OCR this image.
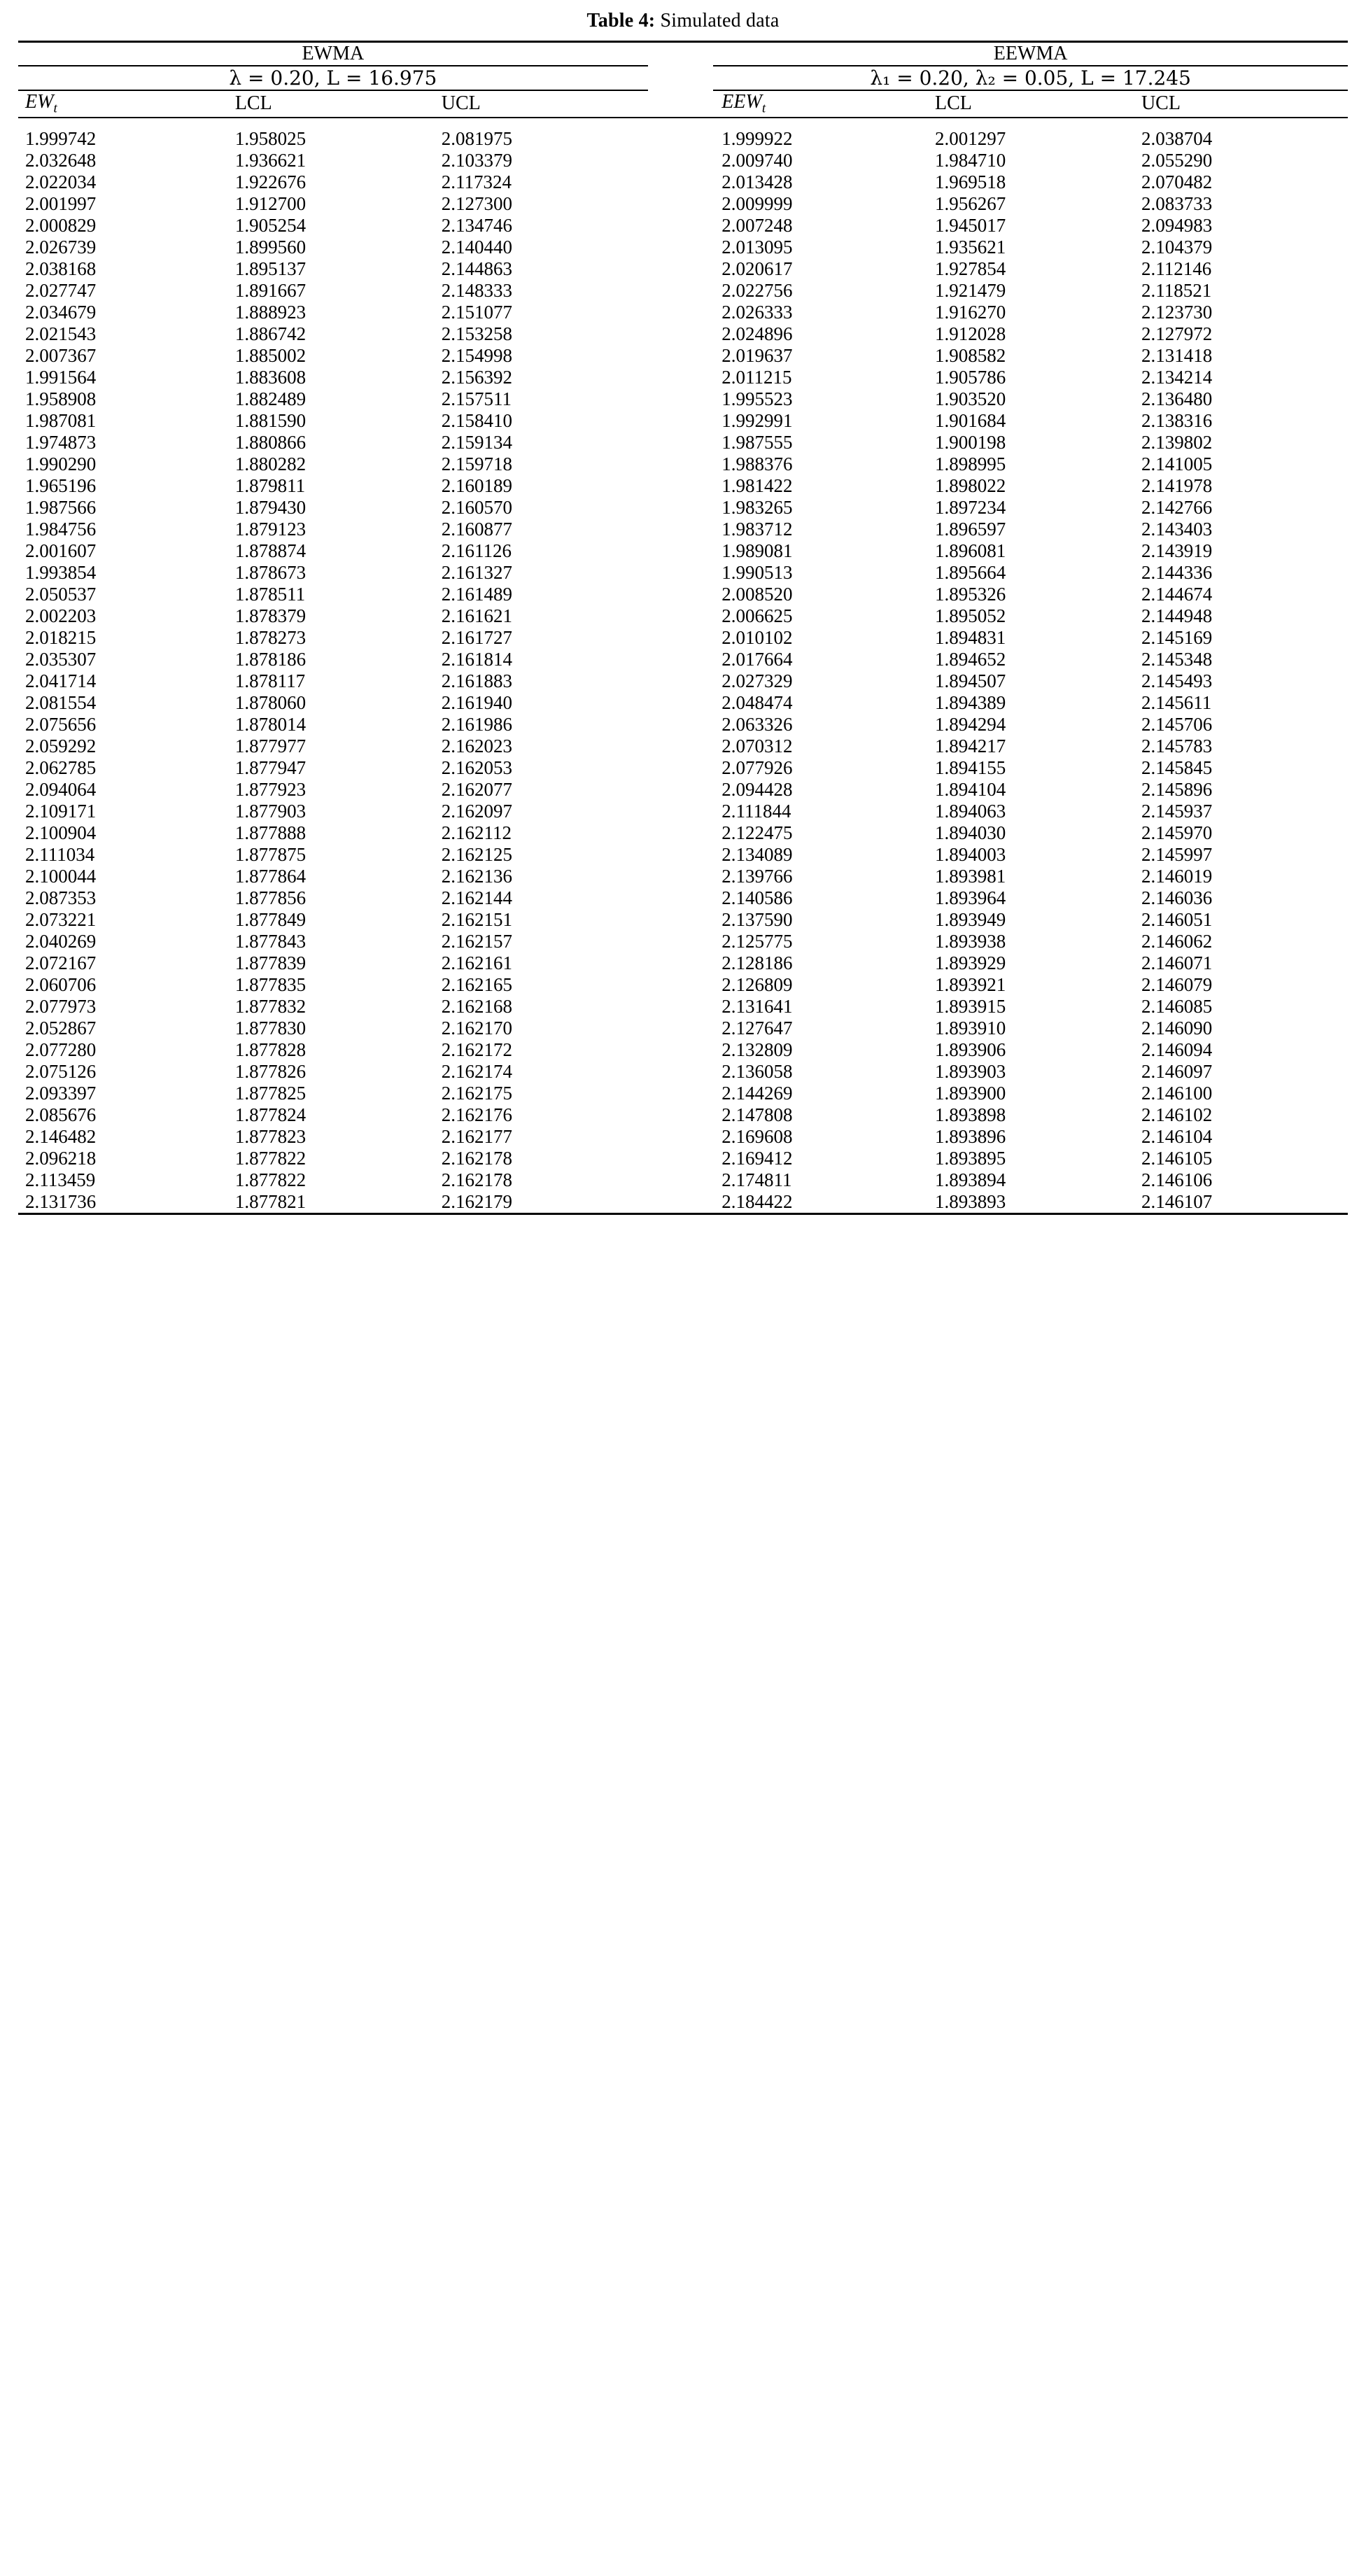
Table 4: Simulated data
EWMA				EEWMA		
λ = 0.20, L = 16.975				λ₁ = 0.20, λ₂ = 0.05, L = 17.245		
$EW_t$	LCL	UCL		$EEW_t$	LCL	UCL
1.999742	1.958025	2.081975		1.999922	2.001297	2.038704
2.032648	1.936621	2.103379		2.009740	1.984710	2.055290
2.022034	1.922676	2.117324		2.013428	1.969518	2.070482
2.001997	1.912700	2.127300		2.009999	1.956267	2.083733
2.000829	1.905254	2.134746		2.007248	1.945017	2.094983
2.026739	1.899560	2.140440		2.013095	1.935621	2.104379
2.038168	1.895137	2.144863		2.020617	1.927854	2.112146
2.027747	1.891667	2.148333		2.022756	1.921479	2.118521
2.034679	1.888923	2.151077		2.026333	1.916270	2.123730
2.021543	1.886742	2.153258		2.024896	1.912028	2.127972
2.007367	1.885002	2.154998		2.019637	1.908582	2.131418
1.991564	1.883608	2.156392		2.011215	1.905786	2.134214
1.958908	1.882489	2.157511		1.995523	1.903520	2.136480
1.987081	1.881590	2.158410		1.992991	1.901684	2.138316
1.974873	1.880866	2.159134		1.987555	1.900198	2.139802
1.990290	1.880282	2.159718		1.988376	1.898995	2.141005
1.965196	1.879811	2.160189		1.981422	1.898022	2.141978
1.987566	1.879430	2.160570		1.983265	1.897234	2.142766
1.984756	1.879123	2.160877		1.983712	1.896597	2.143403
2.001607	1.878874	2.161126		1.989081	1.896081	2.143919
1.993854	1.878673	2.161327		1.990513	1.895664	2.144336
2.050537	1.878511	2.161489		2.008520	1.895326	2.144674
2.002203	1.878379	2.161621		2.006625	1.895052	2.144948
2.018215	1.878273	2.161727		2.010102	1.894831	2.145169
2.035307	1.878186	2.161814		2.017664	1.894652	2.145348
2.041714	1.878117	2.161883		2.027329	1.894507	2.145493
2.081554	1.878060	2.161940		2.048474	1.894389	2.145611
2.075656	1.878014	2.161986		2.063326	1.894294	2.145706
2.059292	1.877977	2.162023		2.070312	1.894217	2.145783
2.062785	1.877947	2.162053		2.077926	1.894155	2.145845
2.094064	1.877923	2.162077		2.094428	1.894104	2.145896
2.109171	1.877903	2.162097		2.111844	1.894063	2.145937
2.100904	1.877888	2.162112		2.122475	1.894030	2.145970
2.111034	1.877875	2.162125		2.134089	1.894003	2.145997
2.100044	1.877864	2.162136		2.139766	1.893981	2.146019
2.087353	1.877856	2.162144		2.140586	1.893964	2.146036
2.073221	1.877849	2.162151		2.137590	1.893949	2.146051
2.040269	1.877843	2.162157		2.125775	1.893938	2.146062
2.072167	1.877839	2.162161		2.128186	1.893929	2.146071
2.060706	1.877835	2.162165		2.126809	1.893921	2.146079
2.077973	1.877832	2.162168		2.131641	1.893915	2.146085
2.052867	1.877830	2.162170		2.127647	1.893910	2.146090
2.077280	1.877828	2.162172		2.132809	1.893906	2.146094
2.075126	1.877826	2.162174		2.136058	1.893903	2.146097
2.093397	1.877825	2.162175		2.144269	1.893900	2.146100
2.085676	1.877824	2.162176		2.147808	1.893898	2.146102
2.146482	1.877823	2.162177		2.169608	1.893896	2.146104
2.096218	1.877822	2.162178		2.169412	1.893895	2.146105
2.113459	1.877822	2.162178		2.174811	1.893894	2.146106
2.131736	1.877821	2.162179		2.184422	1.893893	2.146107
